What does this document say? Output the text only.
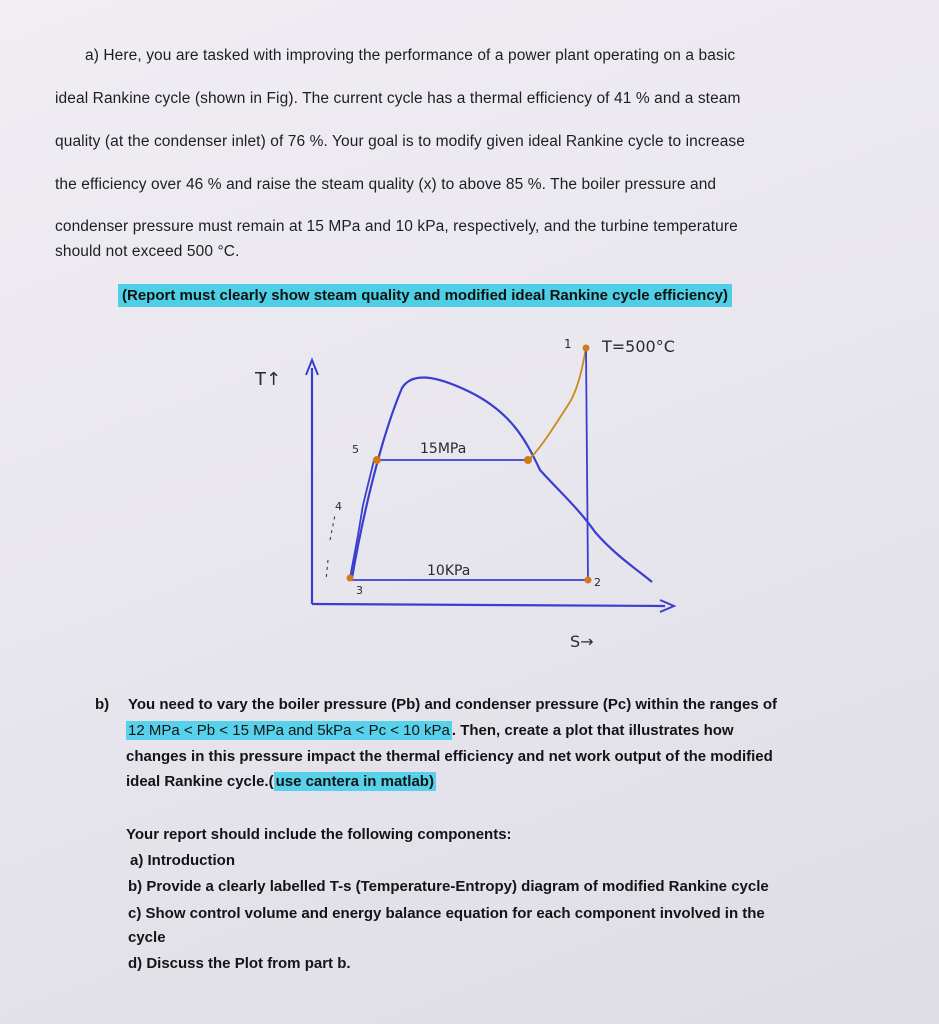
a) Here, you are tasked with improving the performance of a power plant operating on a basic
ideal Rankine cycle (shown in Fig). The current cycle has a thermal efficiency of 41 % and a steam
quality (at the condenser inlet) of 76 %. Your goal is to modify given ideal Rankine cycle to increase
the efficiency over 46 % and raise the steam quality (x) to above 85 %. The boiler pressure and
condenser pressure must remain at 15 MPa and 10 kPa, respectively, and the turbine temperature
should not exceed 500 °C.
(Report must clearly show steam quality and modified ideal Rankine cycle efficiency)
T↑
S→
T=500°C
15MPa
10KPa
1
2
3
4
5
b) You need to vary the boiler pressure (Pb) and condenser pressure (Pc) within the ranges of
12 MPa < Pb < 15 MPa and 5kPa < Pc < 10 kPa . Then, create a plot that illustrates how
changes in this pressure impact the thermal efficiency and net work output of the modified
ideal Rankine cycle.( use cantera in matlab)
Your report should include the following components:
a) Introduction
b) Provide a clearly labelled T-s (Temperature-Entropy) diagram of modified Rankine cycle
c) Show control volume and energy balance equation for each component involved in the
cycle
d) Discuss the Plot from part b.
